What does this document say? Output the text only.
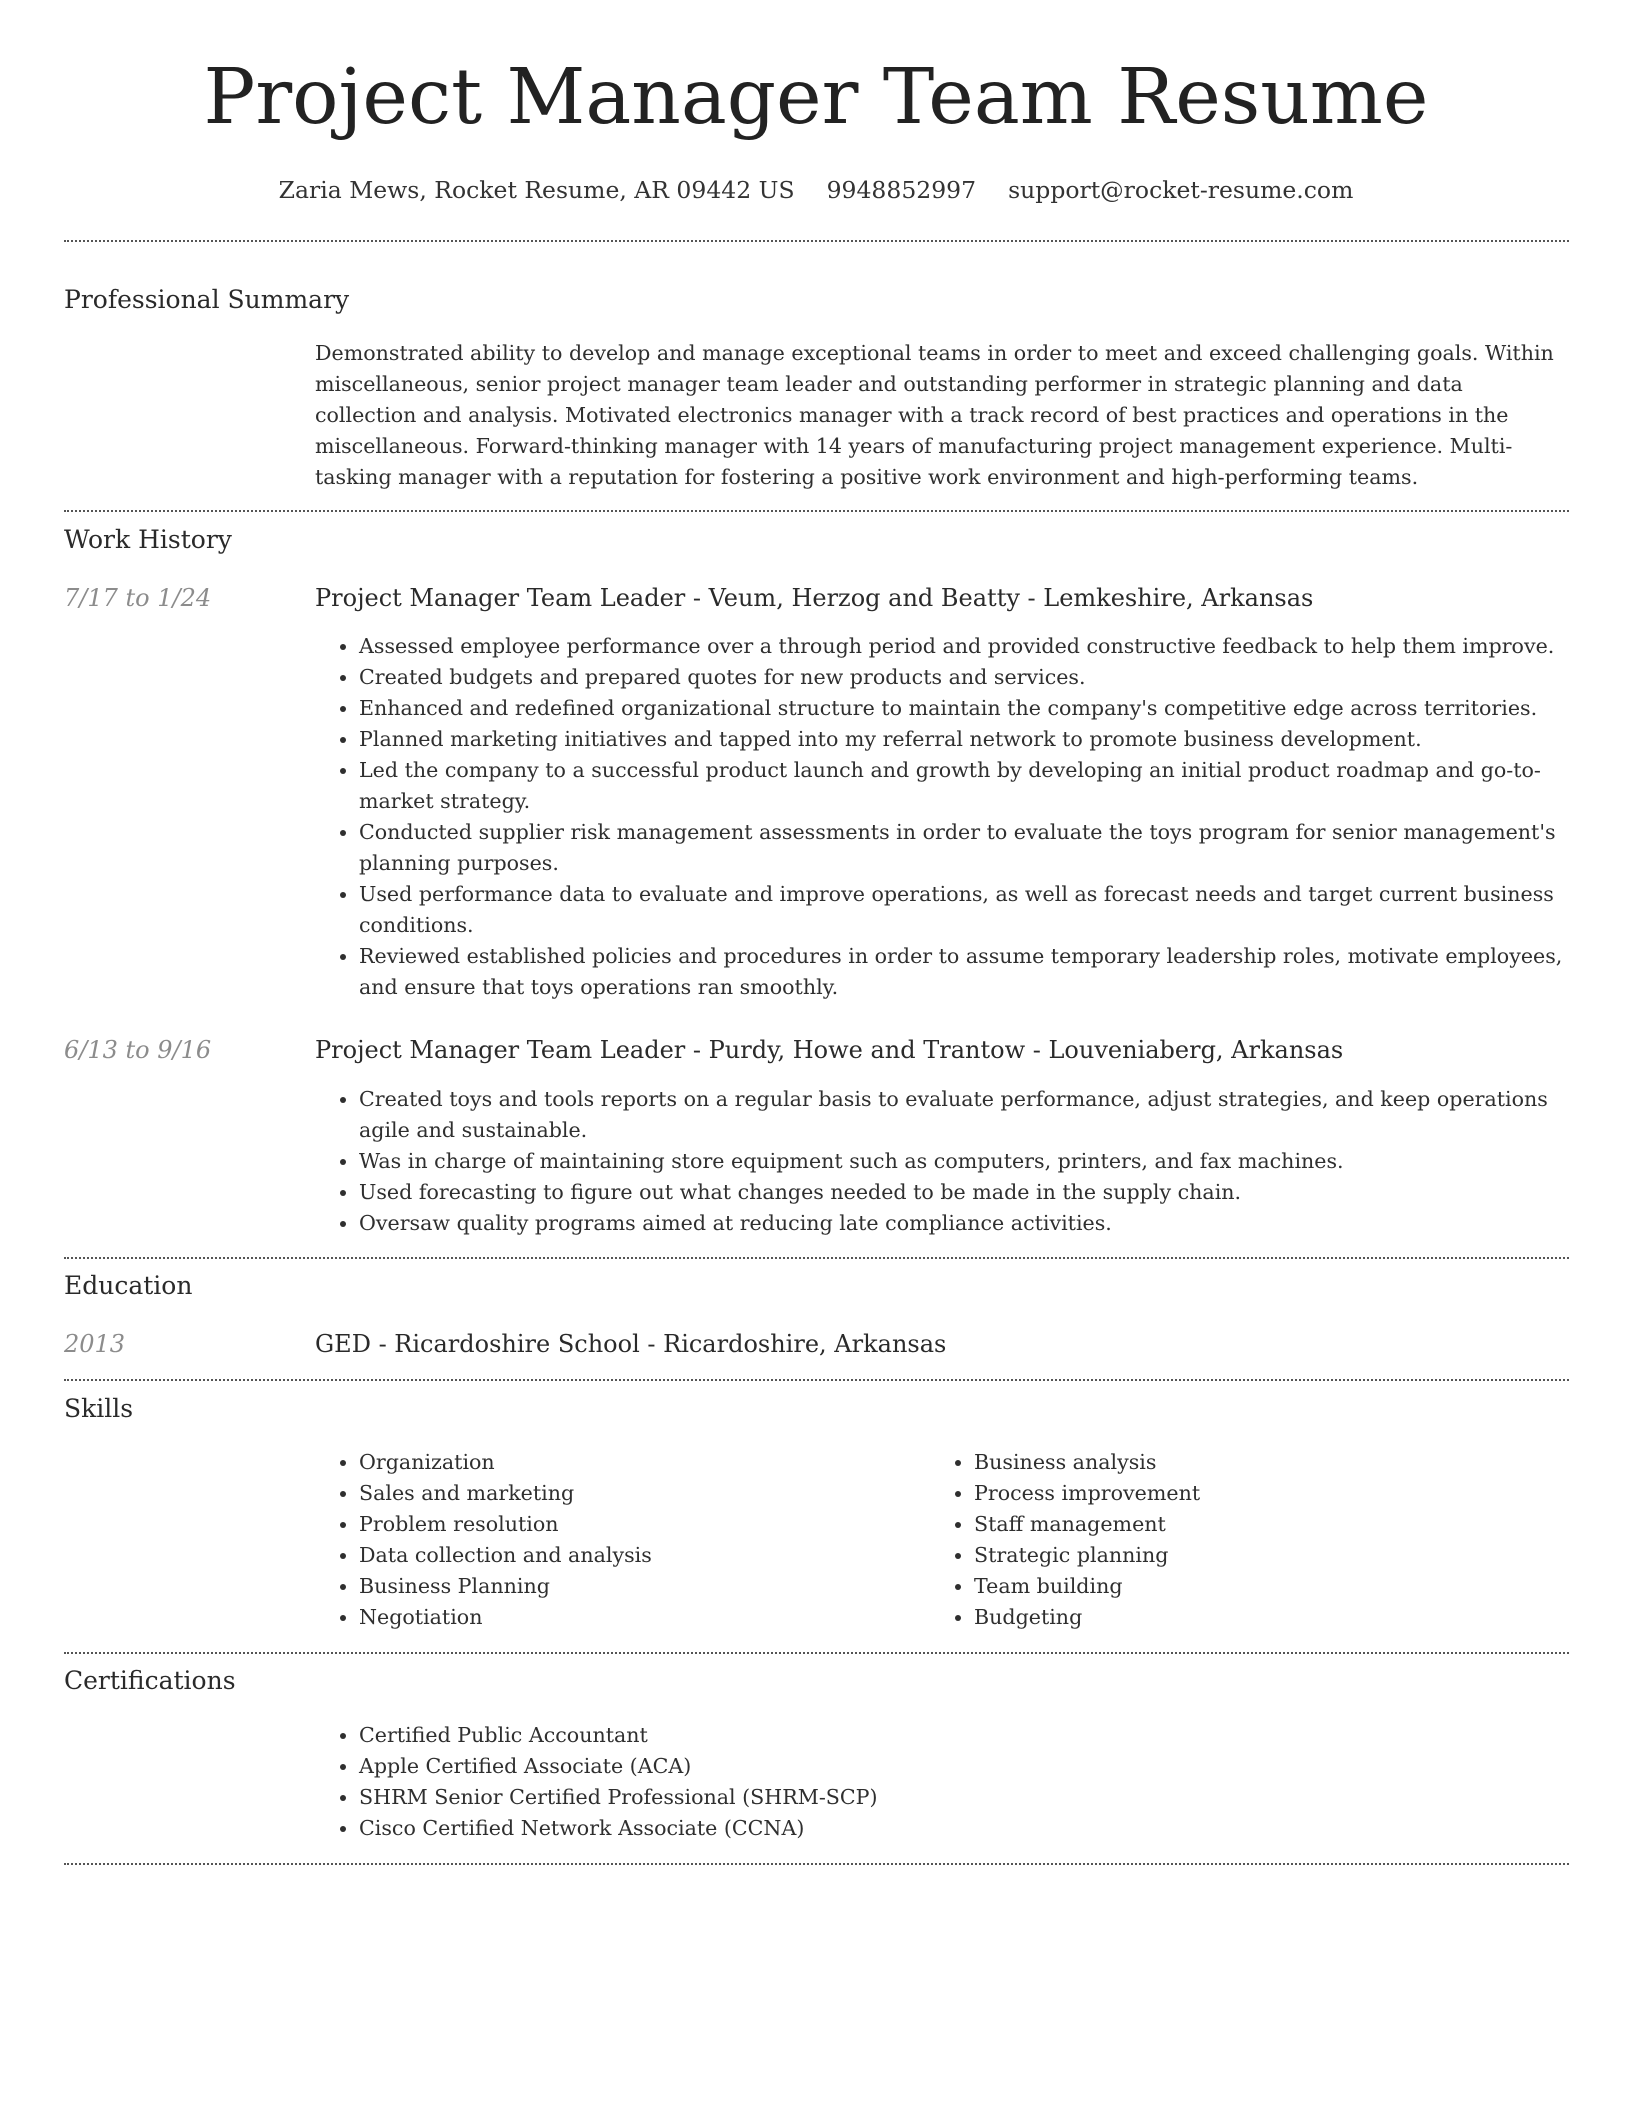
Project Manager Team Resume
Zaria Mews, Rocket Resume, AR 09442 US 9948852997 support@rocket-resume.com
Professional Summary
Demonstrated ability to develop and manage exceptional teams in order to meet and exceed challenging goals. Within miscellaneous, senior project manager team leader and outstanding performer in strategic planning and data collection and analysis. Motivated electronics manager with a track record of best practices and operations in the miscellaneous. Forward-thinking manager with 14 years of manufacturing project management experience. Multi-tasking manager with a reputation for fostering a positive work environment and high-performing teams.
Work History
7/17 to 1/24	Project Manager Team Leader - Veum, Herzog and Beatty - Lemkeshire, Arkansas
• Assessed employee performance over a through period and provided constructive feedback to help them improve.
• Created budgets and prepared quotes for new products and services.
• Enhanced and redefined organizational structure to maintain the company's competitive edge across territories.
• Planned marketing initiatives and tapped into my referral network to promote business development.
• Led the company to a successful product launch and growth by developing an initial product roadmap and go-to-market strategy.
• Conducted supplier risk management assessments in order to evaluate the toys program for senior management's planning purposes.
• Used performance data to evaluate and improve operations, as well as forecast needs and target current business conditions.
• Reviewed established policies and procedures in order to assume temporary leadership roles, motivate employees, and ensure that toys operations ran smoothly.
6/13 to 9/16	Project Manager Team Leader - Purdy, Howe and Trantow - Louveniaberg, Arkansas
• Created toys and tools reports on a regular basis to evaluate performance, adjust strategies, and keep operations agile and sustainable.
• Was in charge of maintaining store equipment such as computers, printers, and fax machines.
• Used forecasting to figure out what changes needed to be made in the supply chain.
• Oversaw quality programs aimed at reducing late compliance activities.
Education
2013	GED - Ricardoshire School - Ricardoshire, Arkansas
Skills
• Organization
• Sales and marketing
• Problem resolution
• Data collection and analysis
• Business Planning
• Negotiation
• Business analysis
• Process improvement
• Staff management
• Strategic planning
• Team building
• Budgeting
Certifications
• Certified Public Accountant
• Apple Certified Associate (ACA)
• SHRM Senior Certified Professional (SHRM-SCP)
• Cisco Certified Network Associate (CCNA)
